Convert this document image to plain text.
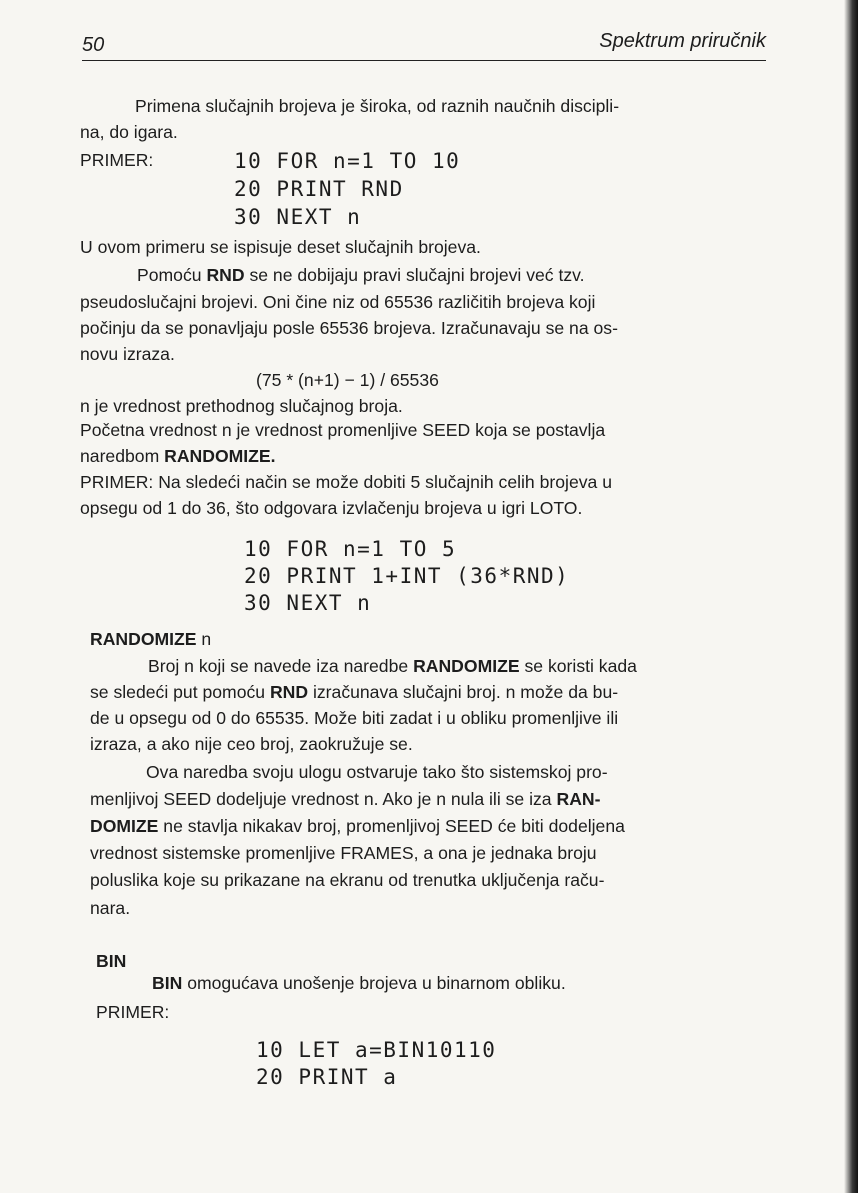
50	Spektrum priručnik
Primena slučajnih brojeva je široka, od raznih naučnih discipli-
na, do igara.
PRIMER:	10 FOR n=1 TO 10
20 PRINT RND
30 NEXT n
U ovom primeru se ispisuje deset slučajnih brojeva.
Pomoću RND se ne dobijaju pravi slučajni brojevi već tzv.
pseudoslučajni brojevi. Oni čine niz od 65536 različitih brojeva koji
počinju da se ponavljaju posle 65536 brojeva. Izračunavaju se na os-
novu izraza.
(75 * (n+1) − 1) / 65536
n je vrednost prethodnog slučajnog broja.
Početna vrednost n je vrednost promenljive SEED koja se postavlja
naredbom RANDOMIZE.
PRIMER: Na sledeći način se može dobiti 5 slučajnih celih brojeva u
opsegu od 1 do 36, što odgovara izvlačenju brojeva u igri LOTO.
10 FOR n=1 TO 5
20 PRINT 1+INT (36*RND)
30 NEXT n
RANDOMIZE n
Broj n koji se navede iza naredbe RANDOMIZE se koristi kada
se sledeći put pomoću RND izračunava slučajni broj. n može da bu-
de u opsegu od 0 do 65535. Može biti zadat i u obliku promenljive ili
izraza, a ako nije ceo broj, zaokružuje se.
Ova naredba svoju ulogu ostvaruje tako što sistemskoj pro-
menljivoj SEED dodeljuje vrednost n. Ako je n nula ili se iza RAN-
DOMIZE ne stavlja nikakav broj, promenljivoj SEED će biti dodeljena
vrednost sistemske promenljive FRAMES, a ona je jednaka broju
poluslika koje su prikazane na ekranu od trenutka uključenja raču-
nara.
BIN
BIN omogućava unošenje brojeva u binarnom obliku.
PRIMER:
10 LET a=BIN10110
20 PRINT a
